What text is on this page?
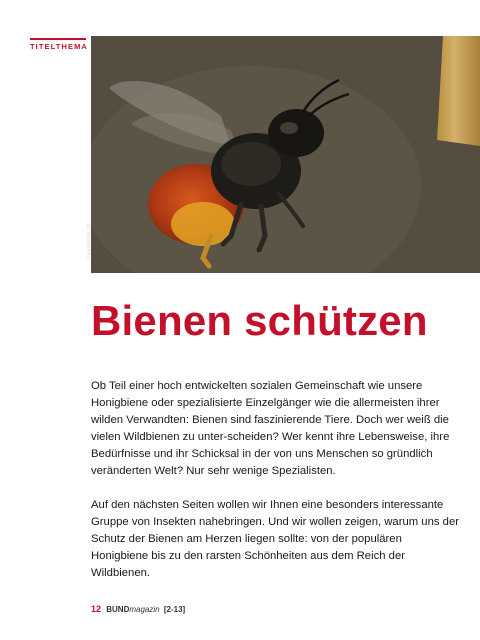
TITELTHEMA
Paul Westrich (2)
Bienen schützen

Ob Teil einer hoch entwickelten sozialen Gemeinschaft wie unsere Honigbiene oder spezialisierte Einzelgänger wie die allermeisten ihrer wilden Verwandten: Bienen sind faszinierende Tiere. Doch wer weiß die vielen Wildbienen zu unter-scheiden? Wer kennt ihre Lebensweise, ihre Bedürfnisse und ihr Schicksal in der von uns Menschen so gründlich veränderten Welt? Nur sehr wenige Spezialisten.

Auf den nächsten Seiten wollen wir Ihnen eine besonders interessante Gruppe von Insekten nahebringen. Und wir wollen zeigen, warum uns der Schutz der Bienen am Herzen liegen sollte: von der populären Honigbiene bis zu den rarsten Schönheiten aus dem Reich der Wildbienen.

12 BUNDmagazin [2-13]
